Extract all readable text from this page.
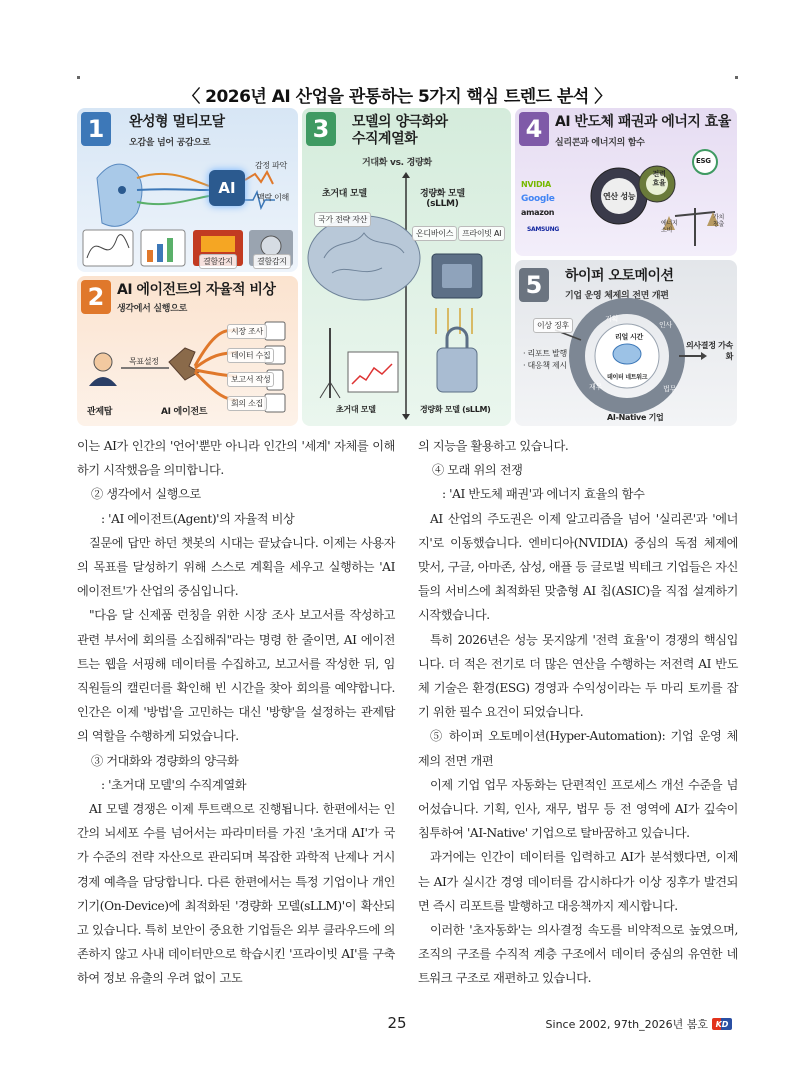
〈 2026년 AI 산업을 관통하는 5가지 핵심 트렌드 분석 〉
1	완성형 멀티모달
오감을 넘어 공감으로
AI
감정 파악
맥락 이해
결함감지	결함감지
2 AI 에이전트의 자율적 비상
생각에서 실행으로
시장 조사
데이터 수집
보고서 작성
회의 소집
목표설정
관제탑	AI 에이전트
3	모델의 양극화와
수직계열화
거대화 vs. 경량화
초거대 모델	경량화 모델
(sLLM)
국가 전략 자산
온디바이스	프라이빗 AI
초거대 모델	경량화 모델 (sLLM)
4 AI 반도체 패권과 에너지 효율
실리콘과 에너지의 함수
NVIDIA
Google
amazon
SAMSUNG
연산 성능
전력 효율
ESG
에너지 소비
가치 창출
5	하이퍼 오토메이션
기업 운영 체제의 전면 개편
기획
인사
재무	법무
이상 징후
리얼 시간
· 리포트 발행
· 대응책 제시
데이터 네트워크
의사결정 가속화
AI-Native 기업

이는 AI가 인간의 '언어'뿐만 아니라 인간의 '세계' 자체를 이해하기 시작했음을 의미합니다.

② 생각에서 실행으로

: 'AI 에이전트(Agent)'의 자율적 비상

질문에 답만 하던 챗봇의 시대는 끝났습니다. 이제는 사용자의 목표를 달성하기 위해 스스로 계획을 세우고 실행하는 'AI 에이전트'가 산업의 중심입니다.

"다음 달 신제품 런칭을 위한 시장 조사 보고서를 작성하고 관련 부서에 회의를 소집해줘"라는 명령 한 줄이면, AI 에이전트는 웹을 서핑해 데이터를 수집하고, 보고서를 작성한 뒤, 임직원들의 캘린더를 확인해 빈 시간을 찾아 회의를 예약합니다. 인간은 이제 '방법'을 고민하는 대신 '방향'을 설정하는 관제탑의 역할을 수행하게 되었습니다.

③ 거대화와 경량화의 양극화

: '초거대 모델'의 수직계열화

AI 모델 경쟁은 이제 투트랙으로 진행됩니다. 한편에서는 인간의 뇌세포 수를 넘어서는 파라미터를 가진 '초거대 AI'가 국가 수준의 전략 자산으로 관리되며 복잡한 과학적 난제나 거시경제 예측을 담당합니다. 다른 한편에서는 특정 기업이나 개인 기기(On-Device)에 최적화된 '경량화 모델(sLLM)'이 확산되고 있습니다. 특히 보안이 중요한 기업들은 외부 클라우드에 의존하지 않고 사내 데이터만으로 학습시킨 '프라이빗 AI'를 구축하여 정보 유출의 우려 없이 고도

의 지능을 활용하고 있습니다.

④ 모래 위의 전쟁

: 'AI 반도체 패권'과 에너지 효율의 함수

AI 산업의 주도권은 이제 알고리즘을 넘어 '실리콘'과 '에너지'로 이동했습니다. 엔비디아(NVIDIA) 중심의 독점 체제에 맞서, 구글, 아마존, 삼성, 애플 등 글로벌 빅테크 기업들은 자신들의 서비스에 최적화된 맞춤형 AI 칩(ASIC)을 직접 설계하기 시작했습니다.

특히 2026년은 성능 못지않게 '전력 효율'이 경쟁의 핵심입니다. 더 적은 전기로 더 많은 연산을 수행하는 저전력 AI 반도체 기술은 환경(ESG) 경영과 수익성이라는 두 마리 토끼를 잡기 위한 필수 요건이 되었습니다.

⑤ 하이퍼 오토메이션(Hyper-Automation): 기업 운영 체제의 전면 개편

이제 기업 업무 자동화는 단편적인 프로세스 개선 수준을 넘어섰습니다. 기획, 인사, 재무, 법무 등 전 영역에 AI가 깊숙이 침투하여 'AI-Native' 기업으로 탈바꿈하고 있습니다.

과거에는 인간이 데이터를 입력하고 AI가 분석했다면, 이제는 AI가 실시간 경영 데이터를 감시하다가 이상 징후가 발견되면 즉시 리포트를 발행하고 대응책까지 제시합니다.

이러한 '초자동화'는 의사결정 속도를 비약적으로 높였으며, 조직의 구조를 수직적 계층 구조에서 데이터 중심의 유연한 네트워크 구조로 재편하고 있습니다.

25	Since 2002, 97th_2026년 봄호 KD
